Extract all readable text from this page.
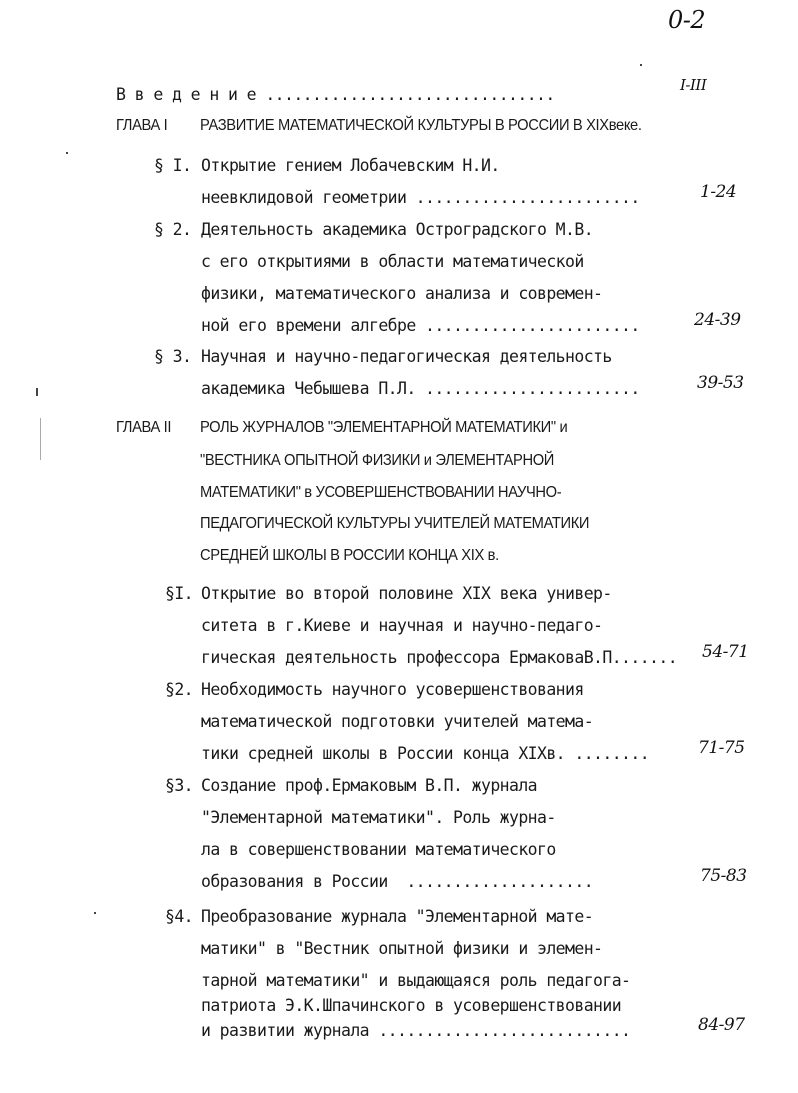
0-2
В в е д е н и е ...............................	I-III
ГЛАВА I РАЗВИТИЕ МАТЕМАТИЧЕСКОЙ КУЛЬТУРЫ В РОССИИ В XIXвеке.
§ I. Открытие гением Лобачевским Н.И.
неевклидовой геометрии ........................	1-24
§ 2. Деятельность академика Остроградского М.В.
с его открытиями в области математической
физики, математического анализа и современ-
ной его времени алгебре .......................	24-39
§ 3. Научная и научно-педагогическая деятельность
академика Чебышева П.Л. .......................	39-53
ГЛАВА II РОЛЬ ЖУРНАЛОВ "ЭЛЕМЕНТАРНОЙ МАТЕМАТИКИ" и
"ВЕСТНИКА ОПЫТНОЙ ФИЗИКИ и ЭЛЕМЕНТАРНОЙ
МАТЕМАТИКИ" в УСОВЕРШЕНСТВОВАНИИ НАУЧНО-
ПЕДАГОГИЧЕСКОЙ КУЛЬТУРЫ УЧИТЕЛЕЙ МАТЕМАТИКИ
СРЕДНЕЙ ШКОЛЫ В РОССИИ КОНЦА XIX в.
§I. Открытие во второй половине XIX века универ-
ситета в г.Киеве и научная и научно-педаго-
гическая деятельность профессора ЕрмаковаВ.П....... 54-71
§2. Необходимость научного усовершенствования
математической подготовки учителей матема-
тики средней школы в России конца XIXв. ........	71-75
§3. Создание проф.Ермаковым В.П. журнала
"Элементарной математики". Роль журна-
ла в совершенствовании математического
образования в России  ....................	75-83
§4. Преобразование журнала "Элементарной мате-
матики" в "Вестник опытной физики и элемен-
тарной математики" и выдающаяся роль педагога-
патриота Э.К.Шпачинского в усовершенствовании
и развитии журнала ...........................	84-97
